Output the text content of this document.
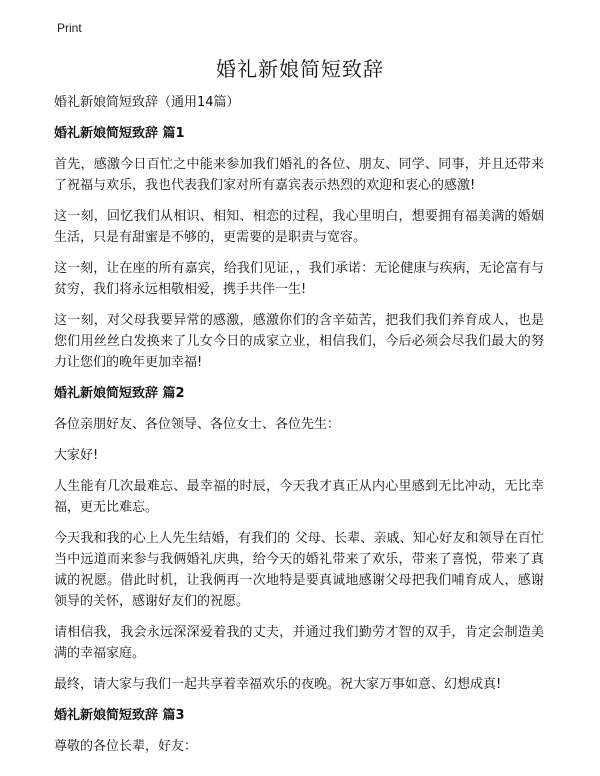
Print
婚礼新娘简短致辞

婚礼新娘简短致辞（通用14篇）

婚礼新娘简短致辞 篇1

首先，感激今日百忙之中能来参加我们婚礼的各位、朋友、同学、同事，并且还带来了祝福与欢乐，我也代表我们家对所有嘉宾表示热烈的欢迎和衷心的感激!

这一刻，回忆我们从相识、相知、相恋的过程，我心里明白，想要拥有福美满的婚姻生活，只是有甜蜜是不够的，更需要的是职责与宽容。

这一刻，让在座的所有嘉宾，给我们见证，，我们承诺：无论健康与疾病，无论富有与贫穷，我们将永远相敬相爱，携手共伴一生!

这一刻，对父母我要异常的感激，感激你们的含辛茹苦，把我们我们养育成人，也是您们用丝丝白发换来了儿女今日的成家立业，相信我们，今后必须会尽我们最大的努力让您们的晚年更加幸福!

婚礼新娘简短致辞 篇2

各位亲朋好友、各位领导、各位女士、各位先生：

大家好!

人生能有几次最难忘、最幸福的时辰，今天我才真正从内心里感到无比冲动，无比幸福，更无比难忘。

今天我和我的心上人先生结婚，有我们的 父母、长辈、亲戚、知心好友和领导在百忙当中远道而来参与我俩婚礼庆典，给今天的婚礼带来了欢乐，带来了喜悦，带来了真诚的祝愿。借此时机，让我俩再一次地特是要真诚地感谢父母把我们哺育成人，感谢领导的关怀，感谢好友们的祝愿。

请相信我，我会永远深深爱着我的丈夫，并通过我们勤劳才智的双手，肯定会制造美满的幸福家庭。

最终，请大家与我们一起共享着幸福欢乐的夜晚。祝大家万事如意、幻想成真!

婚礼新娘简短致辞 篇3

尊敬的各位长辈，好友：
